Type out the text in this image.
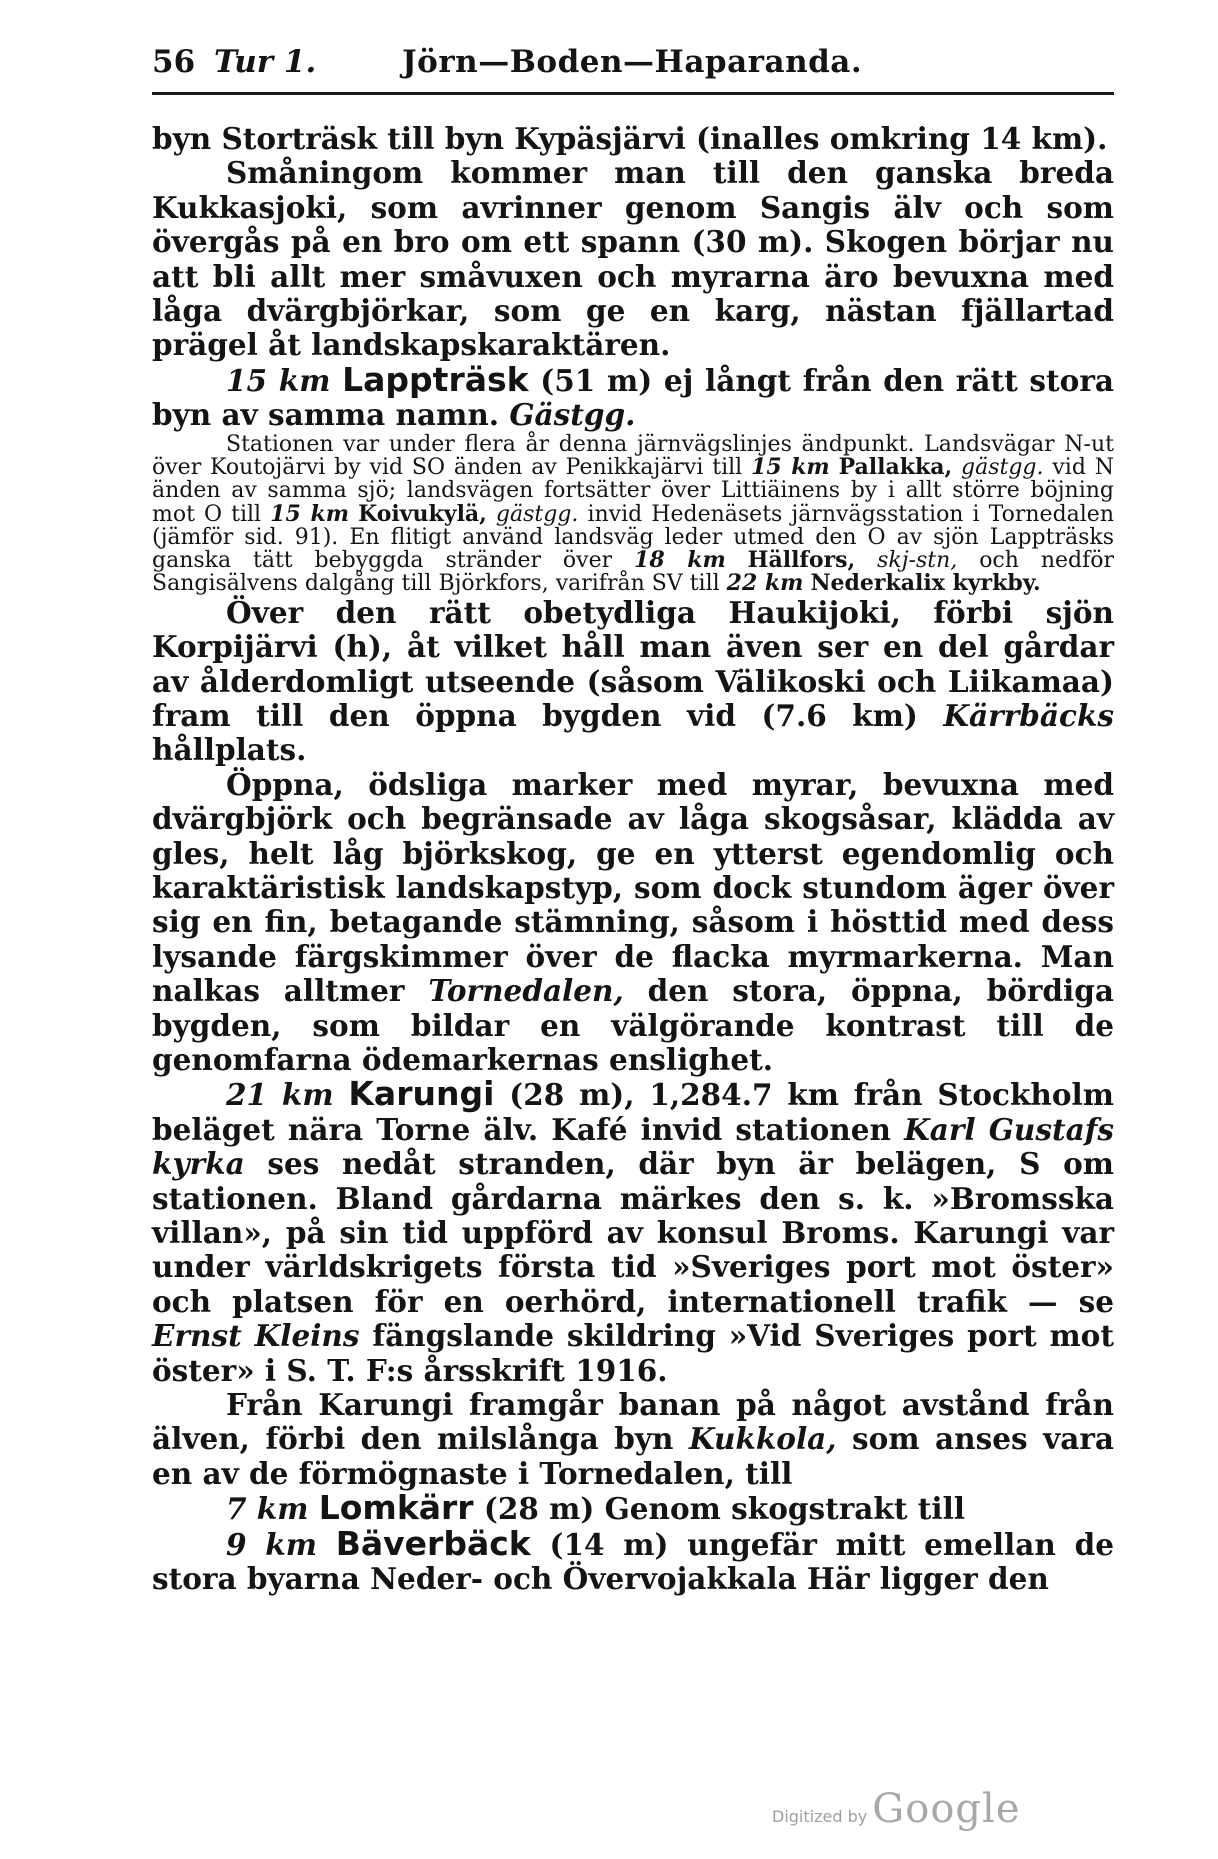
56 Tur 1.	Jörn—Boden—Haparanda.

byn Storträsk till byn Kypäsjärvi (inalles omkring 14 km).

Småningom kommer man till den ganska breda Kukkasjoki, som avrinner genom Sangis älv och som övergås på en bro om ett spann (30 m). Skogen börjar nu att bli allt mer småvuxen och myrarna äro bevuxna med låga dvärgbjörkar, som ge en karg, nästan fjällartad prägel åt landskapskaraktären.

15 km Lappträsk (51 m) ej långt från den rätt stora byn av samma namn. Gästgg.

Stationen var under flera år denna järnvägslinjes ändpunkt. Landsvägar N-ut över Koutojärvi by vid SO änden av Penikkajärvi till 15 km Pallakka, gästgg. vid N änden av samma sjö; landsvägen fortsätter över Littiäinens by i allt större böjning mot O till 15 km Koivukylä, gästgg. invid Hedenäsets järnvägsstation i Tornedalen (jämför sid. 91). En flitigt använd landsväg leder utmed den O av sjön Lappträsks ganska tätt bebyggda stränder över 18 km Hällfors, skj-stn, och nedför Sangisälvens dalgång till Björkfors, varifrån SV till 22 km Nederkalix kyrkby.

Över den rätt obetydliga Haukijoki, förbi sjön Korpijärvi (h), åt vilket håll man även ser en del gårdar av ålderdomligt utseende (såsom Välikoski och Liikamaa) fram till den öppna bygden vid (7.6 km) Kärrbäcks hållplats.

Öppna, ödsliga marker med myrar, bevuxna med dvärgbjörk och begränsade av låga skogsåsar, klädda av gles, helt låg björkskog, ge en ytterst egendomlig och karaktäristisk landskapstyp, som dock stundom äger över sig en fin, betagande stämning, såsom i hösttid med dess lysande färgskimmer över de flacka myrmarkerna. Man nalkas alltmer Tornedalen, den stora, öppna, bördiga bygden, som bildar en välgörande kontrast till de genomfarna ödemarkernas enslighet.

21 km Karungi (28 m), 1,284.7 km från Stockholm beläget nära Torne älv. Kafé invid stationen Karl Gustafs kyrka ses nedåt stranden, där byn är belägen, S om stationen. Bland gårdarna märkes den s. k. »Bromsska villan», på sin tid uppförd av konsul Broms. Karungi var under världskrigets första tid »Sveriges port mot öster» och platsen för en oerhörd, internationell trafik — se Ernst Kleins fängslande skildring »Vid Sveriges port mot öster» i S. T. F:s årsskrift 1916.

Från Karungi framgår banan på något avstånd från älven, förbi den milslånga byn Kukkola, som anses vara en av de förmögnaste i Tornedalen, till

7 km Lomkärr (28 m) Genom skogstrakt till

9 km Bäverbäck (14 m) ungefär mitt emellan de stora byarna Neder- och Övervojakkala Här ligger den

Digitized by Google
